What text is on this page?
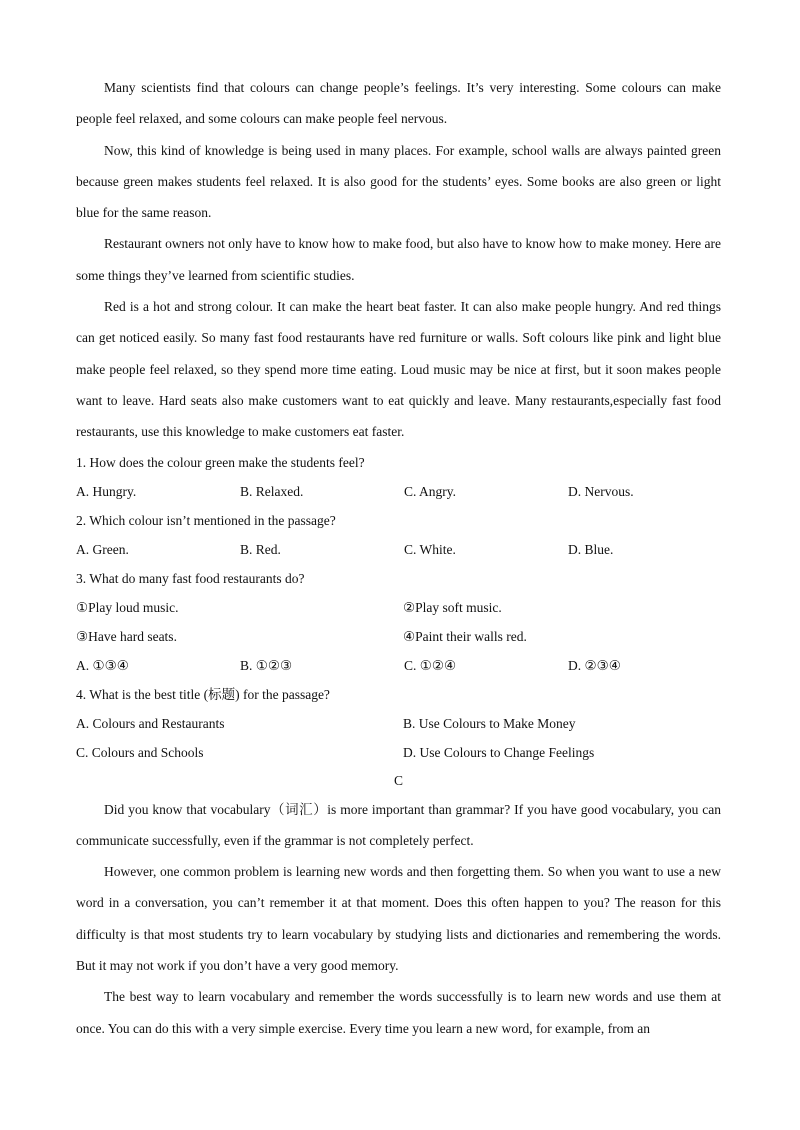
Many scientists find that colours can change people’s feelings. It’s very interesting. Some colours can make people feel relaxed, and some colours can make people feel nervous.

Now, this kind of knowledge is being used in many places. For example, school walls are always painted green because green makes students feel relaxed. It is also good for the students’ eyes. Some books are also green or light blue for the same reason.

Restaurant owners not only have to know how to make food, but also have to know how to make money. Here are some things they’ve learned from scientific studies.

Red is a hot and strong colour. It can make the heart beat faster. It can also make people hungry. And red things can get noticed easily. So many fast food restaurants have red furniture or walls. Soft colours like pink and light blue make people feel relaxed, so they spend more time eating. Loud music may be nice at first, but it soon makes people want to leave. Hard seats also make customers want to eat quickly and leave. Many restaurants,especially fast food restaurants, use this knowledge to make customers eat faster.

1. How does the colour green make the students feel?

A. Hungry.	B. Relaxed.	C. Angry.	D. Nervous.

2. Which colour isn’t mentioned in the passage?

A. Green.	B. Red.	C. White.	D. Blue.

3. What do many fast food restaurants do?

①Play loud music.	②Play soft music.
③Have hard seats.	④Paint their walls red.
A. ①③④	B. ①②③	C. ①②④	D. ②③④

4. What is the best title (标题) for the passage?

A. Colours and Restaurants	B. Use Colours to Make Money
C. Colours and Schools	D. Use Colours to Change Feelings
C

Did you know that vocabulary（词汇）is more important than grammar? If you have good vocabulary, you can communicate successfully, even if the grammar is not completely perfect.

However, one common problem is learning new words and then forgetting them. So when you want to use a new word in a conversation, you can’t remember it at that moment. Does this often happen to you? The reason for this difficulty is that most students try to learn vocabulary by studying lists and dictionaries and remembering the words. But it may not work if you don’t have a very good memory.

The best way to learn vocabulary and remember the words successfully is to learn new words and use them at once. You can do this with a very simple exercise. Every time you learn a new word, for example, from an
